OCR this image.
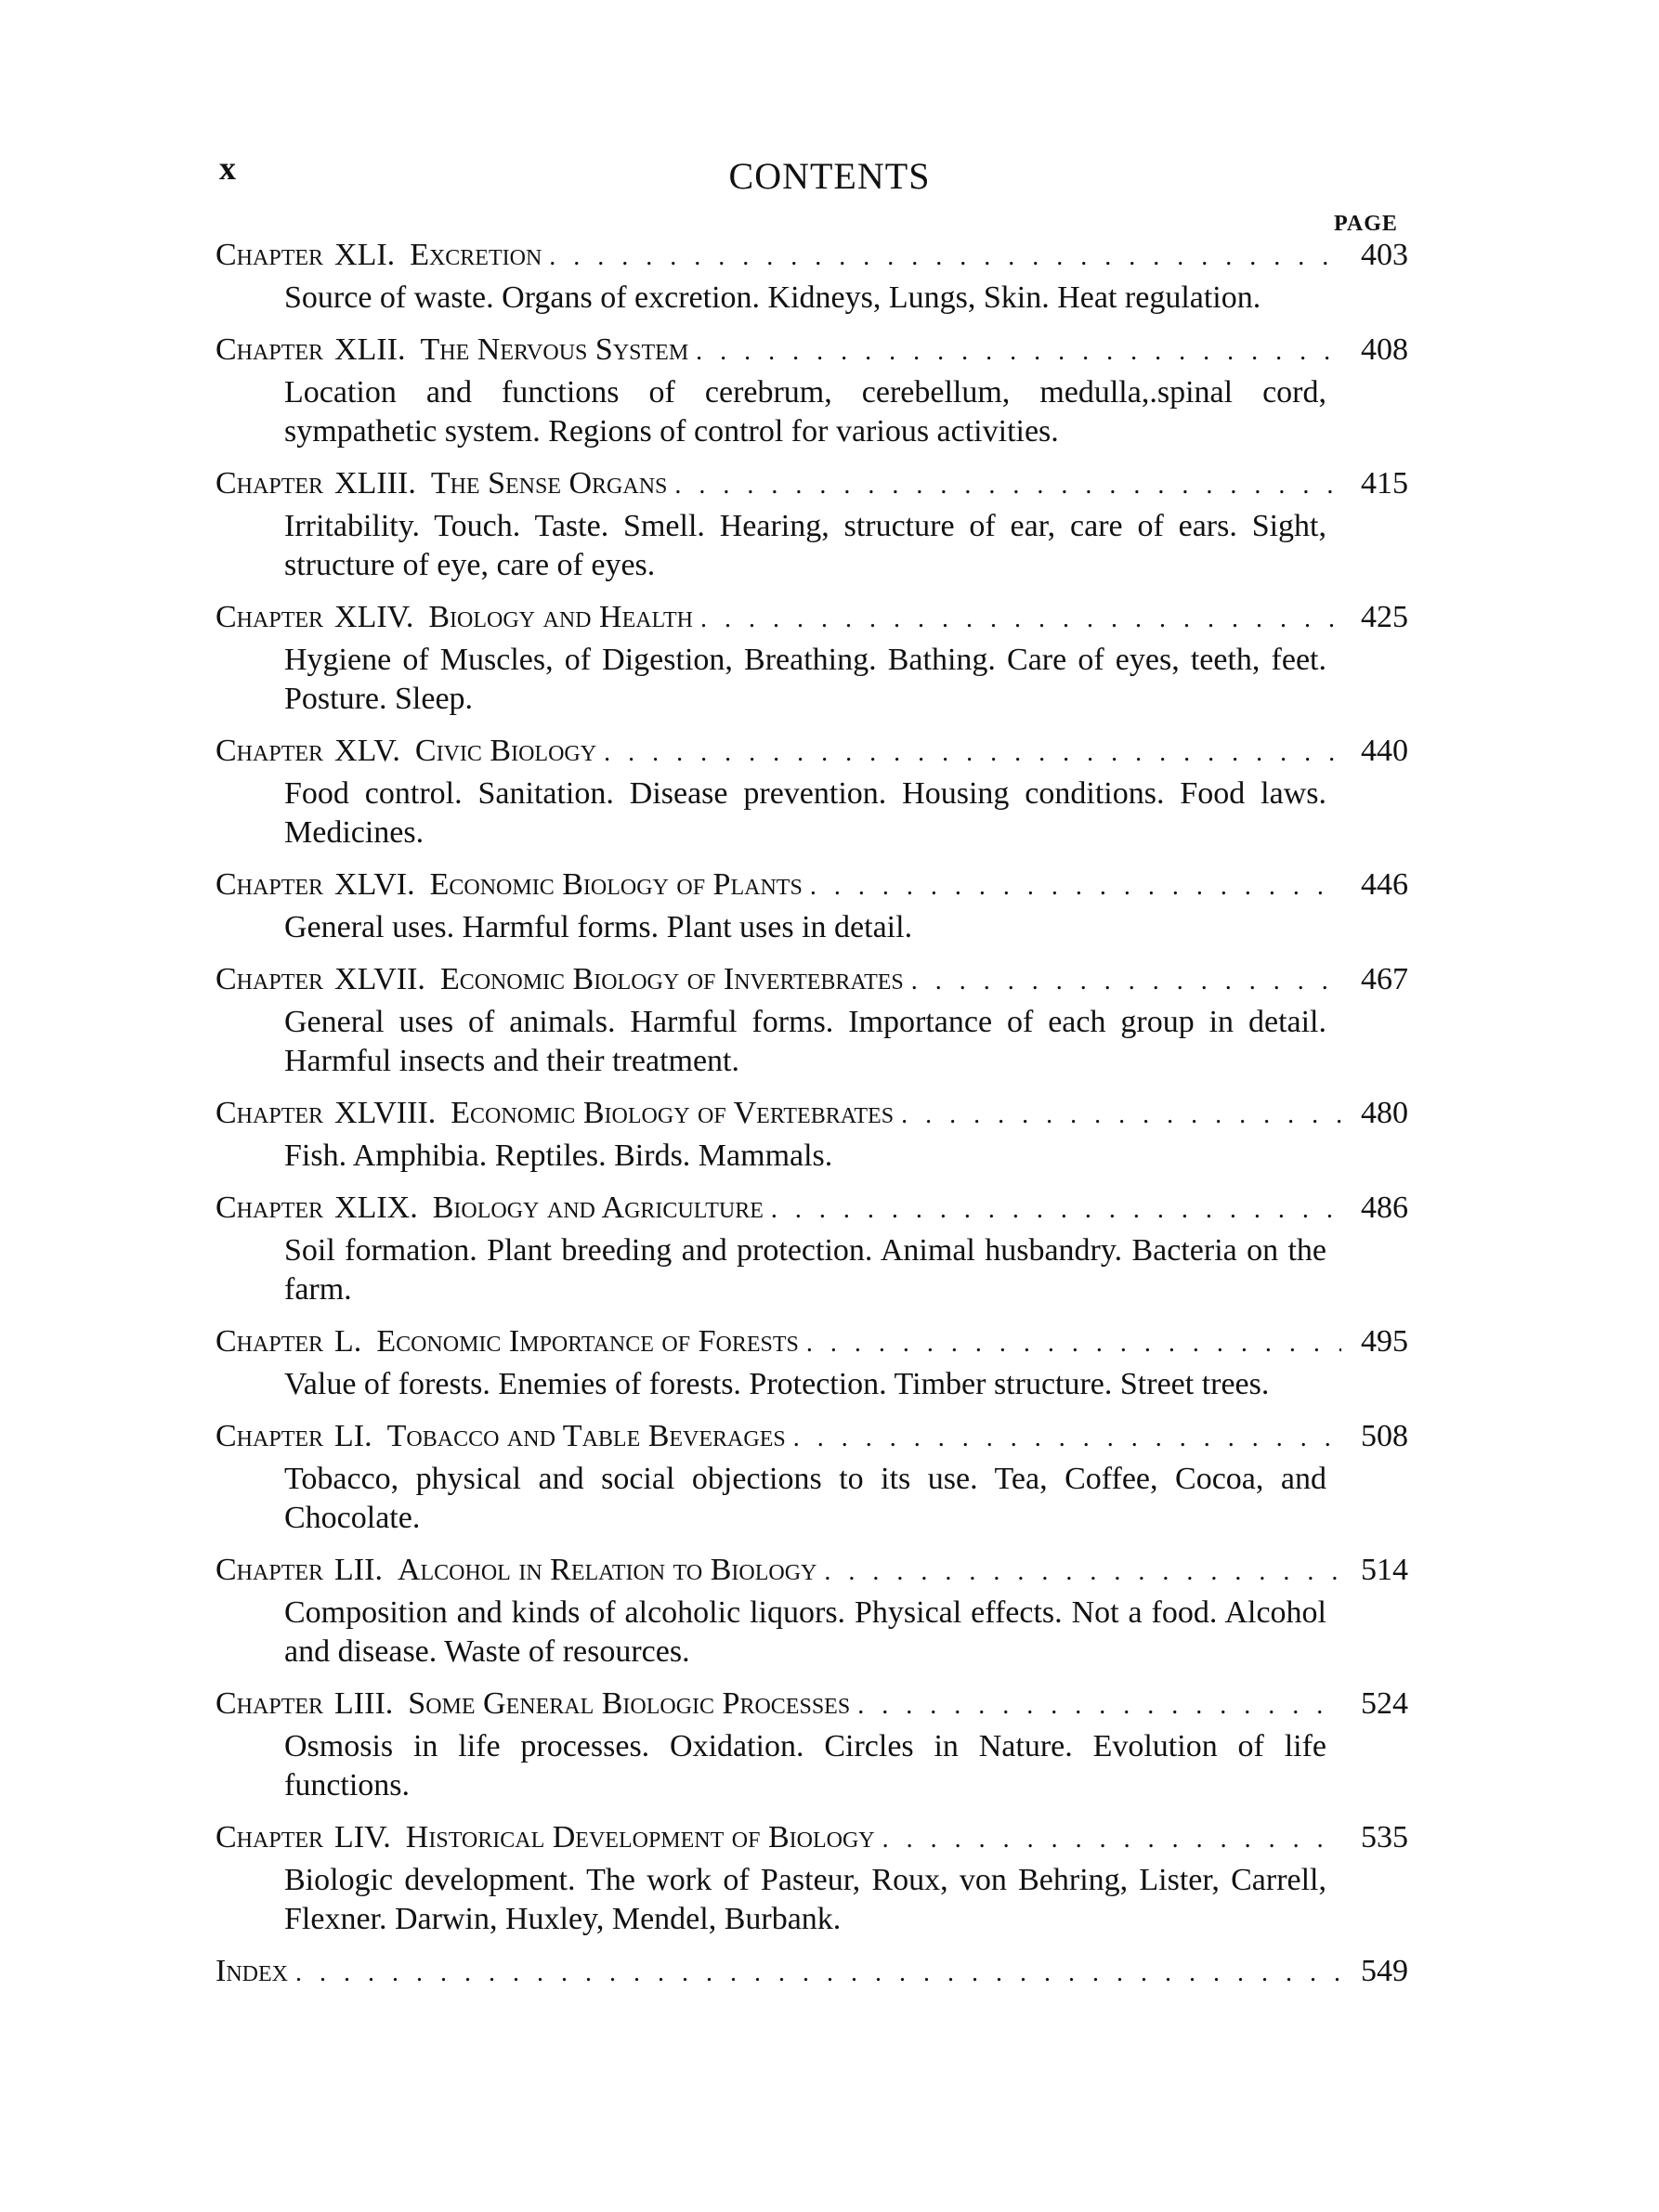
x	CONTENTS
PAGE
Chapter XLI. Excretion . . .	403
Source of waste. Organs of excretion. Kidneys, Lungs, Skin. Heat regulation.
Chapter XLII. The Nervous System . . .	408
Location and functions of cerebrum, cerebellum, medulla,.spinal cord, sympathetic system. Regions of control for various activities.
Chapter XLIII. The Sense Organs . . .	415
Irritability. Touch. Taste. Smell. Hearing, structure of ear, care of ears. Sight, structure of eye, care of eyes.
Chapter XLIV. Biology and Health . . .	425
Hygiene of Muscles, of Digestion, Breathing. Bathing. Care of eyes, teeth, feet. Posture. Sleep.
Chapter XLV. Civic Biology . . .	440
Food control. Sanitation. Disease prevention. Housing conditions. Food laws. Medicines.
Chapter XLVI. Economic Biology of Plants . . .	446
General uses. Harmful forms. Plant uses in detail.
Chapter XLVII. Economic Biology of Invertebrates . . .	467
General uses of animals. Harmful forms. Importance of each group in detail. Harmful insects and their treatment.
Chapter XLVIII. Economic Biology of Vertebrates . . .	480
Fish. Amphibia. Reptiles. Birds. Mammals.
Chapter XLIX. Biology and Agriculture . . .	486
Soil formation. Plant breeding and protection. Animal husbandry. Bacteria on the farm.
Chapter L. Economic Importance of Forests . . .	495
Value of forests. Enemies of forests. Protection. Timber structure. Street trees.
Chapter LI. Tobacco and Table Beverages . . .	508
Tobacco, physical and social objections to its use. Tea, Coffee, Cocoa, and Chocolate.
Chapter LII. Alcohol in Relation to Biology . . .	514
Composition and kinds of alcoholic liquors. Physical effects. Not a food. Alcohol and disease. Waste of resources.
Chapter LIII. Some General Biologic Processes . . .	524
Osmosis in life processes. Oxidation. Circles in Nature. Evolution of life functions.
Chapter LIV. Historical Development of Biology . . .	535
Biologic development. The work of Pasteur, Roux, von Behring, Lister, Carrell, Flexner. Darwin, Huxley, Mendel, Burbank.
Index . . .	549
